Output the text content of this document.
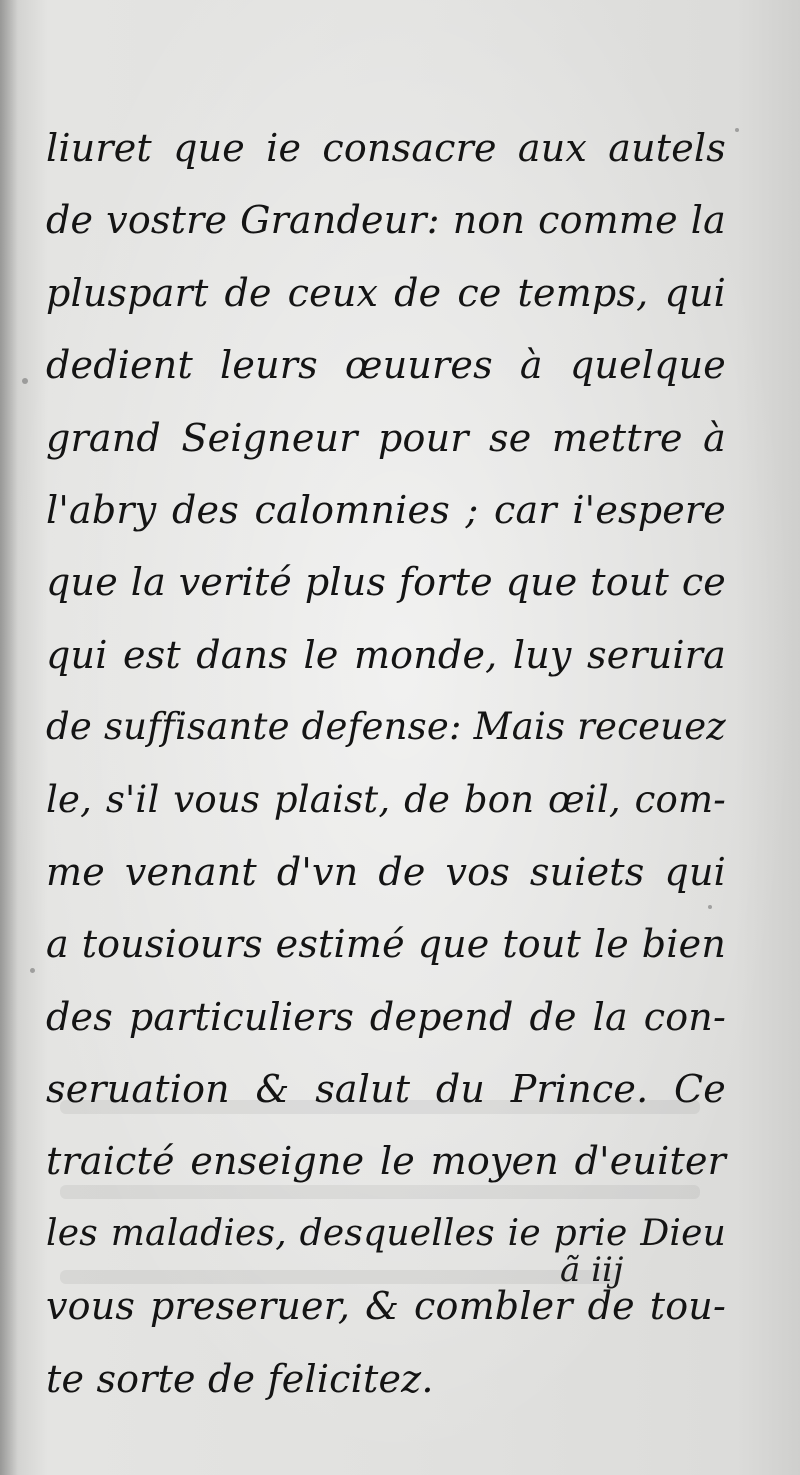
liuret que ie consacre aux autels
de vostre Grandeur: non comme la
pluspart de ceux de ce temps, qui
dedient leurs œuures à quelque
grand Seigneur pour se mettre à
l'abry des calomnies ; car i'espere
que la verité plus forte que tout ce
qui est dans le monde, luy seruira
de suffisante defense: Mais receuez
le, s'il vous plaist, de bon œil, com-
me venant d'vn de vos suiets qui
a tousiours estimé que tout le bien
des particuliers depend de la con-
seruation & salut du Prince. Ce
traicté enseigne le moyen d'euiter
les maladies, desquelles ie prie Dieu
vous preseruer, & combler de tou-
te sorte de felicitez.
ã iij
